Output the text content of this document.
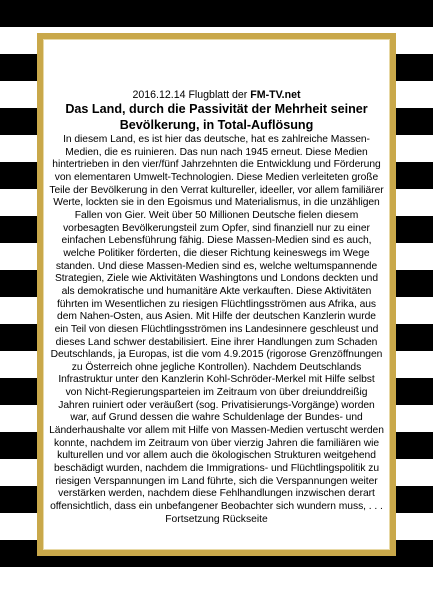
2016.12.14 Flugblatt der FM-TV.net

Das Land, durch die Passivität der Mehrheit seiner Bevölkerung, in Total-Auflösung

In diesem Land, es ist hier das deutsche, hat es zahlreiche Massen-Medien, die es ruinieren. Das nun nach 1945 erneut. Diese Medien hintertrieben in den vier/fünf Jahrzehnten die Entwicklung und Förderung von elementaren Umwelt-Technologien. Diese Medien verleiteten große Teile der Bevölkerung in den Verrat kultureller, ideeller, vor allem familiärer Werte, lockten sie in den Egoismus und Materialismus, in die unzähligen Fallen von Gier. Weit über 50 Millionen Deutsche fielen diesem vorbesagten Bevölkerungsteil zum Opfer, sind finanziell nur zu einer einfachen Lebensführung fähig. Diese Massen-Medien sind es auch, welche Politiker förderten, die dieser Richtung keineswegs im Wege standen. Und diese Massen-Medien sind es, welche weltumspannende Strategien, Ziele wie Aktivitäten Washingtons und Londons deckten und als demokratische und humanitäre Akte verkauften. Diese Aktivitäten führten im Wesentlichen zu riesigen Flüchtlingsströmen aus Afrika, aus dem Nahen-Osten, aus Asien. Mit Hilfe der deutschen Kanzlerin wurde ein Teil von diesen Flüchtlingsströmen ins Landesinnere geschleust und dieses Land schwer destabilisiert. Eine ihrer Handlungen zum Schaden Deutschlands, ja Europas, ist die vom 4.9.2015 (rigorose Grenzöffnungen zu Österreich ohne jegliche Kontrollen). Nachdem Deutschlands Infrastruktur unter den Kanzlerin Kohl-Schröder-Merkel mit Hilfe selbst von Nicht-Regierungsparteien im Zeitraum von über dreiunddreißig Jahren ruiniert oder veräußert (sog. Privatisierungs-Vorgänge) worden war, auf Grund dessen die wahre Schuldenlage der Bundes- und Länderhaushalte vor allem mit Hilfe von Massen-Medien vertuscht werden konnte, nachdem im Zeitraum von über vierzig Jahren die familiären wie kulturellen und vor allem auch die ökologischen Strukturen weitgehend beschädigt wurden, nachdem die Immigrations- und Flüchtlingspolitik zu riesigen Verspannungen im Land führte, sich die Verspannungen weiter verstärken werden, nachdem diese Fehlhandlungen inzwischen derart offensichtlich, dass ein unbefangener Beobachter sich wundern muss, . . .

Fortsetzung Rückseite
